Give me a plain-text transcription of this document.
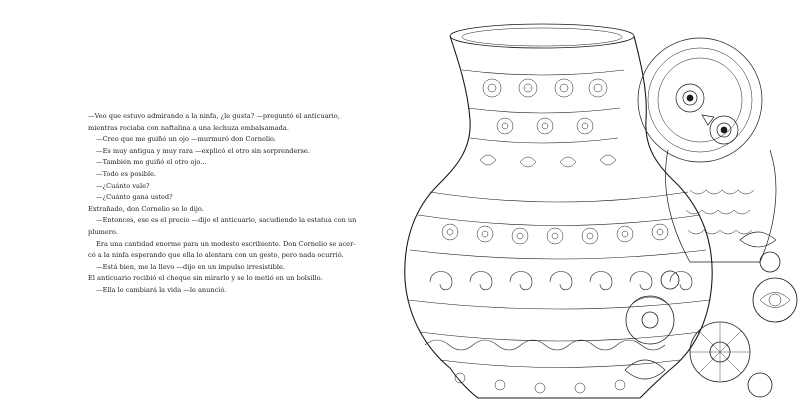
—Veo que estuvo admirando a la ninfa, ¿le gusta? —preguntó el anticuario,

mientras rociaba con naftalina a una lechuza embalsamada.

—Creo que me guiñó un ojo —murmuró don Cornelio.

—Es muy antigua y muy rara —explicó el otro sin sorprenderse.

—También me guiñó el otro ojo...

—Todo es posible.

—¿Cuánto vale?

—¿Cuánto gana usted?

Extrañado, don Cornelio se lo dijo.

—Entonces, ese es el precio —dijo el anticuario, sacudiendo la estatua con un

plumero.

Era una cantidad enorme para un modesto escribiente. Don Cornelio se acer-

có a la ninfa esperando que ella lo alentara con un gesto, pero nada ocurrió.

—Está bien, me la llevo —dijo en un impulso irresistible.

El anticuario recibió el cheque sin mirarlo y se lo metió en un bolsillo.

—Ella le cambiará la vida —le anunció.
